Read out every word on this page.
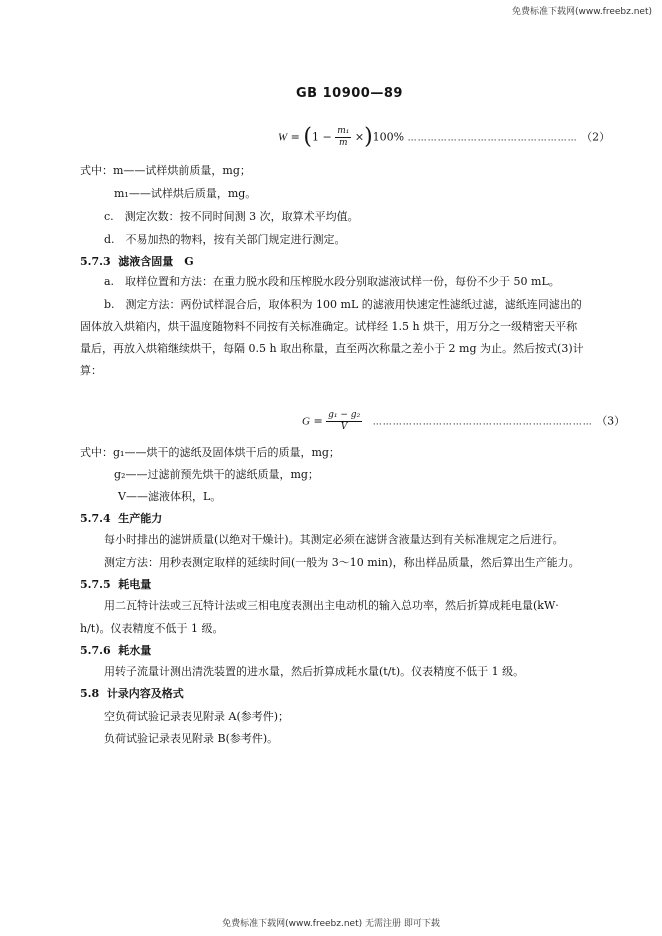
免费标准下载网(www.freebz.net)
GB 10900—89
$W = (1 - \frac{\text{m₁}}{m} \times)100\%$ …………………………………………… （2）
式中：m——试样烘前质量，mg；
m₁——试样烘后质量，mg。
c.　测定次数：按不同时间测 3 次，取算术平均值。
d.　不易加热的物料，按有关部门规定进行测定。
5.7.3 滤液含固量　G
a.　取样位置和方法：在重力脱水段和压榨脱水段分别取滤液试样一份，每份不少于 50 mL。
b.　测定方法：两份试样混合后，取体积为 100 mL 的滤液用快速定性滤纸过滤，滤纸连同滤出的
固体放入烘箱内，烘干温度随物料不同按有关标准确定。试样经 1.5 h 烘干，用万分之一级精密天平称
量后，再放入烘箱继续烘干，每隔 0.5 h 取出称量，直至两次称量之差小于 2 mg 为止。然后按式(3)计
算：
$G = \frac{\text{g₁ − g₂}}{V}$ ………………………………………………………… （3）
式中：g₁——烘干的滤纸及固体烘干后的质量，mg；
g₂——过滤前预先烘干的滤纸质量，mg；
V——滤液体积，L。
5.7.4 生产能力
每小时排出的滤饼质量(以绝对干燥计)。其测定必须在滤饼含液量达到有关标准规定之后进行。
测定方法：用秒表测定取样的延续时间(一般为 3～10 min)，称出样品质量，然后算出生产能力。
5.7.5 耗电量
用二瓦特计法或三瓦特计法或三相电度表测出主电动机的输入总功率，然后折算成耗电量(kW·
h/t)。仪表精度不低于 1 级。
5.7.6 耗水量
用转子流量计测出清洗装置的进水量，然后折算成耗水量(t/t)。仪表精度不低于 1 级。
5.8 计录内容及格式
空负荷试验记录表见附录 A(参考件)；
负荷试验记录表见附录 B(参考件)。
免费标准下载网(www.freebz.net) 无需注册 即可下载
